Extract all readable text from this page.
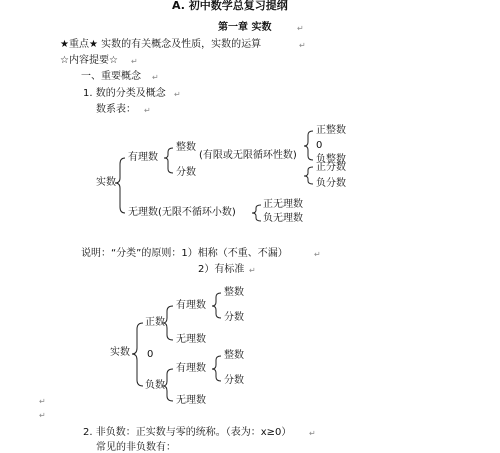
A. 初中数学总复习提纲
第一章 实数	↵
★重点★ 实数的有关概念及性质，实数的运算	↵
☆内容提要☆ ↵
一、重要概念 ↵
1. 数的分类及概念 ↵
数系表： ↵
实数
有理数
整数
(有限或无限循环性数)
分数
正整数
0
负整数
正分数
负分数
无理数(无限不循环小数)
正无理数
负无理数
说明：“分类”的原则：1）相称（不重、不漏）	↵
2）有标准 ↵
实数
正数
0
负数
有理数
无理数
整数
分数
有理数
无理数
整数
分数
↵
↵
2. 非负数：正实数与零的统称。（表为：x≥0） ↵
常见的非负数有：
